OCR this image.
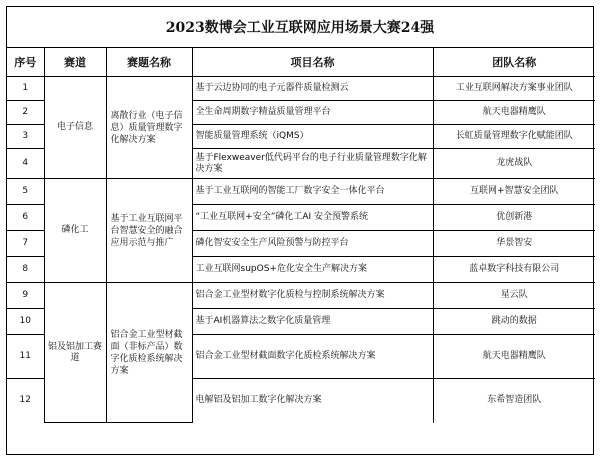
2023数博会工业互联网应用场景大赛24强
序号	赛道	赛题名称	项目名称	团队名称
1	电子信息	离散行业（电子信息）质量管理数字化解决方案	基于云边协同的电子元器件质量检测云	工业互联网解决方案事业团队
2			全生命周期数字精益质量管理平台	航天电器精鹰队
3			智能质量管理系统（iQMS）	长虹质量管理数字化赋能团队
4			基于Flexweaver低代码平台的电子行业质量管理数字化解决方案	龙虎战队
5	磷化工	基于工业互联网平台智慧安全的融合应用示范与推广	基于工业互联网的智能工厂数字安全一体化平台	互联网+智慧安全团队
6			“工业互联网+安全”磷化工AI 安全预警系统	优创新港
7			磷化智安安全生产风险预警与防控平台	华景智安
8			工业互联网supOS+危化安全生产解决方案	蓝卓数字科技有限公司
9	铝及铝加工赛道	铝合金工业型材截面（非标产品）数字化质检系统解决方案	铝合金工业型材数字化质检与控制系统解决方案	星云队
10			基于AI机器算法之数字化质量管理	跳动的数据
11			铝合金工业型材截面数字化质检系统解决方案	航天电器精鹰队
12			电解铝及铝加工数字化解决方案	东希智造团队
